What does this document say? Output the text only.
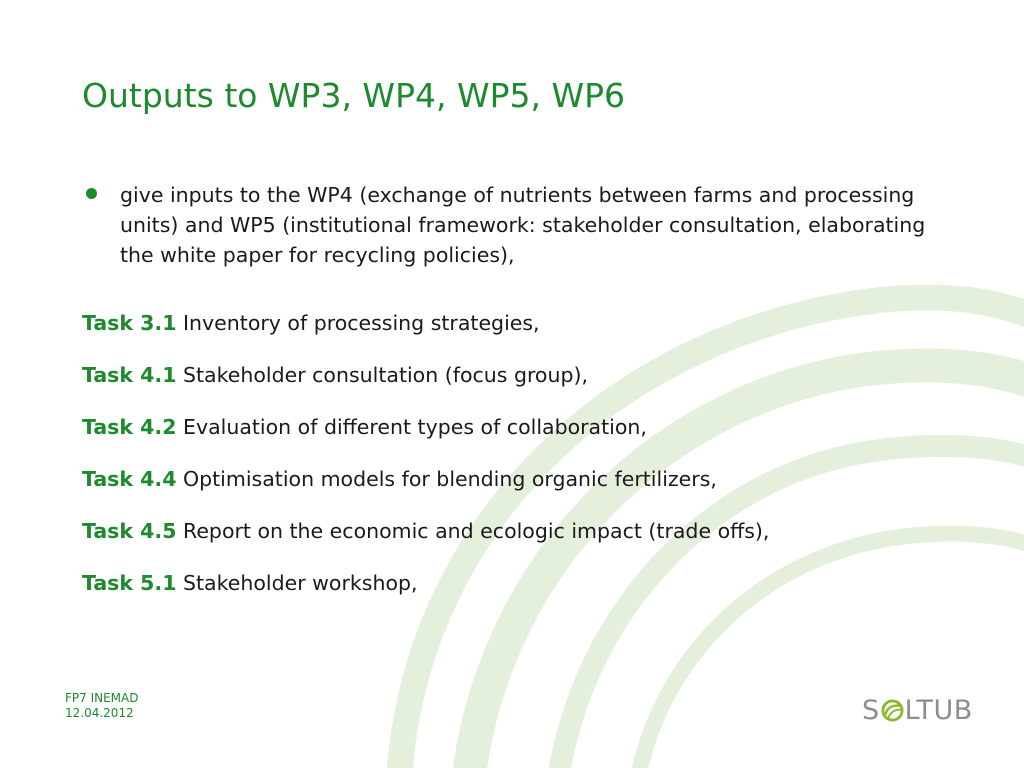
Outputs to WP3, WP4, WP5, WP6

give inputs to the WP4 (exchange of nutrients between farms and processing units) and WP5 (institutional framework: stakeholder consultation, elaborating the white paper for recycling policies),

Task 3.1 Inventory of processing strategies,
Task 4.1 Stakeholder consultation (focus group),
Task 4.2 Evaluation of different types of collaboration,
Task 4.4 Optimisation models for blending organic fertilizers,
Task 4.5 Report on the economic and ecologic impact (trade offs),
Task 5.1 Stakeholder workshop,
FP7 INEMAD
12.04.2012	S LTUB
